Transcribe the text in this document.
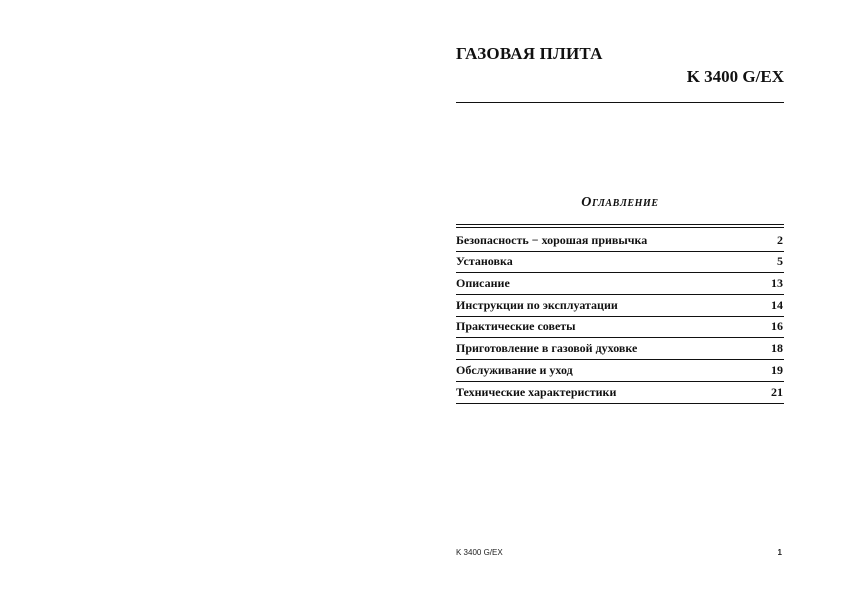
ГАЗОВАЯ ПЛИТА
K 3400 G/EX
Оглавление
Безопасность − хорошая привычка	2
Установка	5
Описание	13
Инструкции по эксплуатации	14
Практические советы	16
Приготовление в газовой духовке	18
Обслуживание и уход	19
Технические характеристики	21
K 3400 G/EX	1
